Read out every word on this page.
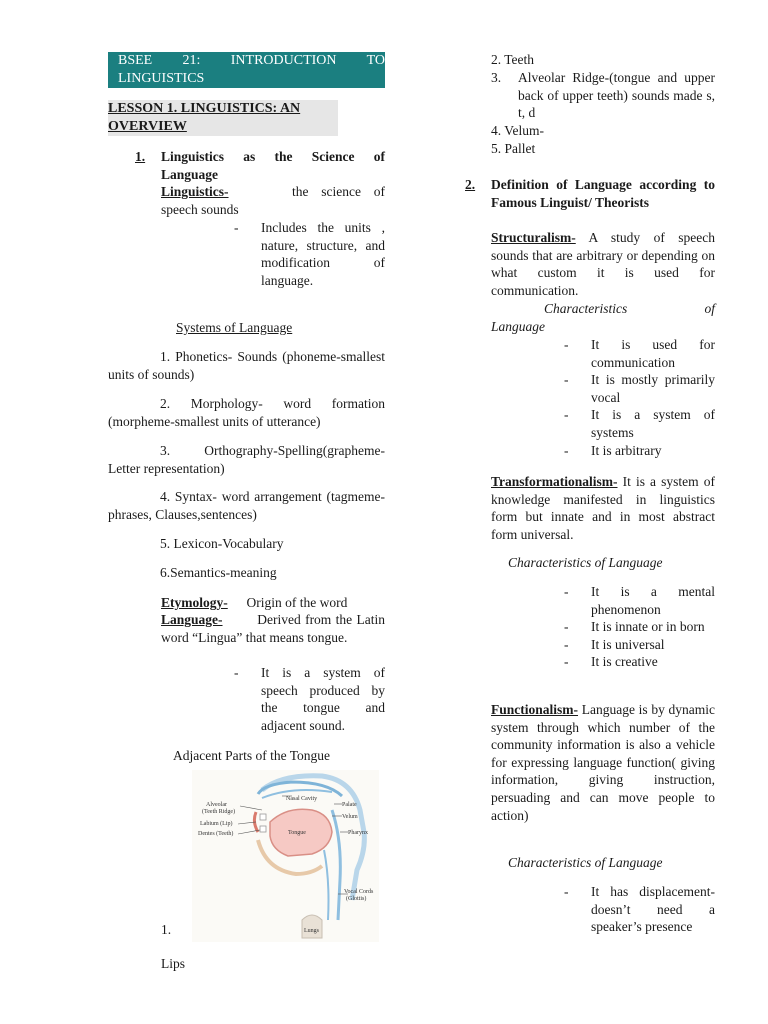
BSEE 21: INTRODUCTION TO LINGUISTICS
LESSON 1. LINGUISTICS: AN
OVERVIEW
1.	Linguistics as the Science of
Language
Linguistics-	the science of speech sounds
-	Includes the units , nature, structure, and modification of language.
Systems of Language
1. Phonetics- Sounds (phoneme-smallest units of sounds)
2. Morphology- word formation (morpheme-smallest units of utterance)
3. Orthography-Spelling(grapheme-Letter representation)
4. Syntax- word arrangement (tagmeme- phrases, Clauses,sentences)
5. Lexicon-Vocabulary
6.Semantics-meaning
Etymology- Origin of the word
Language-	Derived from the Latin word “Lingua” that means tongue.
-	It is a system of speech produced by the tongue and adjacent sound.
Adjacent Parts of the Tongue
Nasal Cavity
Palate
Velum
Alveolar
(Teeth Ridge)
Labium (Lip)
Dentes (Teeth)	Tongue	Pharynx
Vocal Cords
(Glottis)
Lungs
1.
Lips
2. Teeth
3.	Alveolar Ridge-(tongue and upper back of upper teeth) sounds made s, t, d
4. Velum-
5. Pallet
2.	Definition of Language according to Famous Linguist/ Theorists
Structuralism- A study of speech sounds that are arbitrary or depending on what custom it is used for communication.
Characteristics of
Language
-	It is used for communication
-	It is mostly primarily vocal
-	It is a system of systems
-	It is arbitrary
Transformationalism- It is a system of knowledge manifested in linguistics form but innate and in most abstract form universal.
Characteristics of Language
-	It is a mental phenomenon
-	It is innate or in born
-	It is universal
-	It is creative
Functionalism- Language is by dynamic system through which number of the community information is also a vehicle for expressing language function( giving information, giving instruction, persuading and can move people to action)
Characteristics of Language
-	It has displacement- doesn’t need a speaker’s presence
